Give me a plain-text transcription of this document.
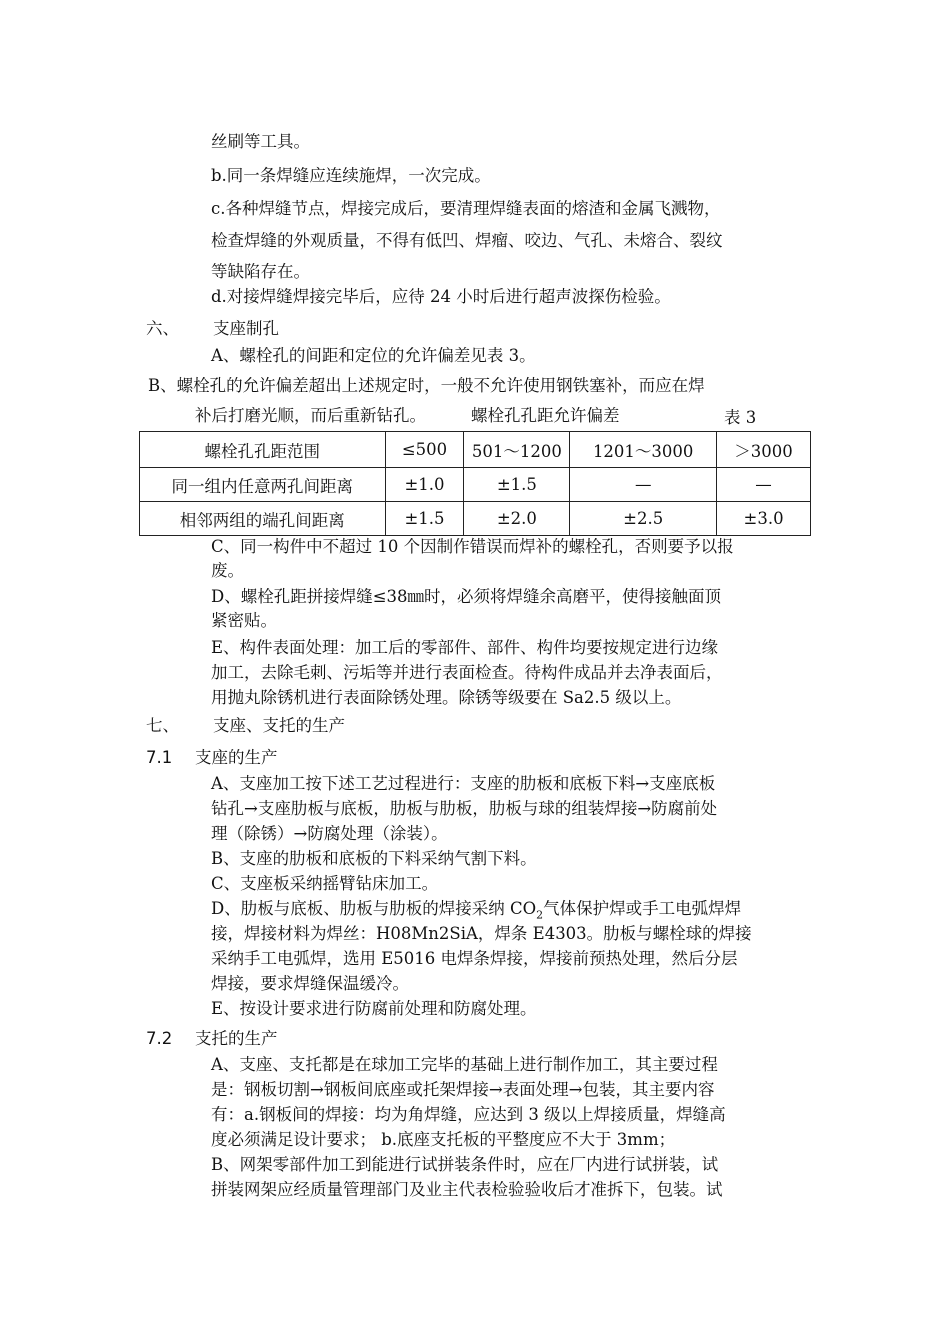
丝刷等工具。
b.同一条焊缝应连续施焊，一次完成。
c.各种焊缝节点，焊接完成后，要清理焊缝表面的熔渣和金属飞溅物，
检查焊缝的外观质量，不得有低凹、焊瘤、咬边、气孔、未熔合、裂纹
等缺陷存在。
d.对接焊缝焊接完毕后，应待 24 小时后进行超声波探伤检验。
六、 支座制孔
A、螺栓孔的间距和定位的允许偏差见表 3。
B、螺栓孔的允许偏差超出上述规定时，一般不允许使用钢铁塞补，而应在焊
补后打磨光顺，而后重新钻孔。	螺栓孔孔距允许偏差	表 3
螺栓孔孔距范围	≤500	501～1200	1201～3000	＞3000
同一组内任意两孔间距离	±1.0	±1.5	—	—
相邻两组的端孔间距离	±1.5	±2.0	±2.5	±3.0
C、同一构件中不超过 10 个因制作错误而焊补的螺栓孔，否则要予以报
废。
D、螺栓孔距拼接焊缝≤38㎜时，必须将焊缝余高磨平，使得接触面顶
紧密贴。
E、构件表面处理：加工后的零部件、部件、构件均要按规定进行边缘
加工，去除毛刺、污垢等并进行表面检查。待构件成品并去净表面后，
用抛丸除锈机进行表面除锈处理。除锈等级要在 Sa2.5 级以上。
七、 支座、支托的生产
7.1 支座的生产
A、支座加工按下述工艺过程进行：支座的肋板和底板下料→支座底板
钻孔→支座肋板与底板，肋板与肋板，肋板与球的组装焊接→防腐前处
理（除锈）→防腐处理（涂装）。
B、支座的肋板和底板的下料采纳气割下料。
C、支座板采纳摇臂钻床加工。
D、肋板与底板、肋板与肋板的焊接采纳 $CO_2$气体保护焊或手工电弧焊焊
接，焊接材料为焊丝：H08Mn2SiA，焊条 E4303。肋板与螺栓球的焊接
采纳手工电弧焊，选用 E5016 电焊条焊接，焊接前预热处理，然后分层
焊接，要求焊缝保温缓冷。
E、按设计要求进行防腐前处理和防腐处理。
7.2 支托的生产
A、支座、支托都是在球加工完毕的基础上进行制作加工，其主要过程
是：钢板切割→钢板间底座或托架焊接→表面处理→包装，其主要内容
有：a.钢板间的焊接：均为角焊缝，应达到 3 级以上焊接质量，焊缝高
度必须满足设计要求； b.底座支托板的平整度应不大于 3mm；
B、网架零部件加工到能进行试拼装条件时，应在厂内进行试拼装，试
拼装网架应经质量管理部门及业主代表检验验收后才准拆下，包装。试
